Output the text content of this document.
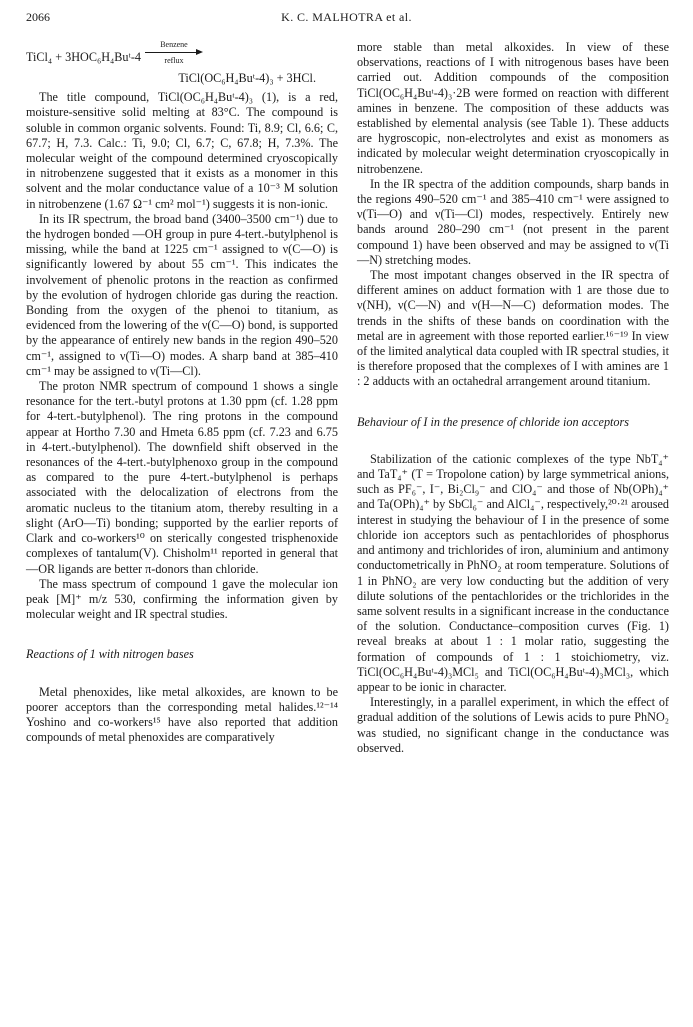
2066	K. C. MALHOTRA et al.
TiCl₄ + 3HOC₆H₄Buᵗ-4
Benzene
reflux

TiCl(OC₆H₄Buᵗ-4)₃ + 3HCl.

The title compound, TiCl(OC₆H₄Buᵗ-4)₃ (1), is a red, moisture-sensitive solid melting at 83°C. The compound is soluble in common organic solvents. Found: Ti, 8.9; Cl, 6.6; C, 67.7; H, 7.3. Calc.: Ti, 9.0; Cl, 6.7; C, 67.8; H, 7.3%. The molecular weight of the compound determined cryoscopically in nitrobenzene suggested that it exists as a monomer in this solvent and the molar conductance value of a 10⁻³ M solution in nitrobenzene (1.67 Ω⁻¹ cm² mol⁻¹) suggests it is non-ionic.

In its IR spectrum, the broad band (3400–3500 cm⁻¹) due to the hydrogen bonded —OH group in pure 4-tert.-butylphenol is missing, while the band at 1225 cm⁻¹ assigned to ν(C—O) is significantly lowered by about 55 cm⁻¹. This indicates the involvement of phenolic protons in the reaction as confirmed by the evolution of hydrogen chloride gas during the reaction. Bonding from the oxygen of the phenoi to titanium, as evidenced from the lowering of the ν(C—O) bond, is supported by the appearance of entirely new bands in the region 490–520 cm⁻¹, assigned to ν(Ti—O) modes. A sharp band at 385–410 cm⁻¹ may be assigned to ν(Ti—Cl).

The proton NMR spectrum of compound 1 shows a single resonance for the tert.-butyl protons at 1.30 ppm (cf. 1.28 ppm for 4-tert.-butylphenol). The ring protons in the compound appear at Hortho 7.30 and Hmeta 6.85 ppm (cf. 7.23 and 6.75 in 4-tert.-butylphenol). The downfield shift observed in the resonances of the 4-tert.-butylphenoxo group in the compound as compared to the pure 4-tert.-butylphenol is perhaps associated with the delocalization of electrons from the aromatic nucleus to the titanium atom, thereby resulting in a slight (ArO—Ti) bonding; supported by the earlier reports of Clark and co-workers¹⁰ on sterically congested trisphenoxide complexes of tantalum(V). Chisholm¹¹ reported in general that —OR ligands are better π-donors than chloride.

The mass spectrum of compound 1 gave the molecular ion peak [M]⁺ m/z 530, confirming the information given by molecular weight and IR spectral studies.

Reactions of 1 with nitrogen bases

Metal phenoxides, like metal alkoxides, are known to be poorer acceptors than the corresponding metal halides.¹²⁻¹⁴ Yoshino and co-workers¹⁵ have also reported that addition compounds of metal phenoxides are comparatively

more stable than metal alkoxides. In view of these observations, reactions of I with nitrogenous bases have been carried out. Addition compounds of the composition TiCl(OC₆H₄Buᵗ-4)₃·2B were formed on reaction with different amines in benzene. The composition of these adducts was established by elemental analysis (see Table 1). These adducts are hygroscopic, non-electrolytes and exist as monomers as indicated by molecular weight determination cryoscopically in nitrobenzene.

In the IR spectra of the addition compounds, sharp bands in the regions 490–520 cm⁻¹ and 385–410 cm⁻¹ were assigned to ν(Ti—O) and ν(Ti—Cl) modes, respectively. Entirely new bands around 280–290 cm⁻¹ (not present in the parent compound 1) have been observed and may be assigned to ν(Ti—N) stretching modes.

The most impotant changes observed in the IR spectra of different amines on adduct formation with 1 are those due to ν(NH), ν(C—N) and ν(H—N—C) deformation modes. The trends in the shifts of these bands on coordination with the metal are in agreement with those reported earlier.¹⁶⁻¹⁹ In view of the limited analytical data coupled with IR spectral studies, it is therefore proposed that the complexes of I with amines are 1 : 2 adducts with an octahedral arrangement around titanium.

Behaviour of I in the presence of chloride ion acceptors

Stabilization of the cationic complexes of the type NbT₄⁺ and TaT₄⁺ (T = Tropolone cation) by large symmetrical anions, such as PF₆⁻, I⁻, Bi₂Cl₉⁻ and ClO₄⁻ and those of Nb(OPh)₄⁺ and Ta(OPh)₄⁺ by SbCl₆⁻ and AlCl₄⁻, respectively,²⁰·²¹ aroused interest in studying the behaviour of I in the presence of some chloride ion acceptors such as pentachlorides of phosphorus and antimony and trichlorides of iron, aluminium and antimony conductometrically in PhNO₂ at room temperature. Solutions of 1 in PhNO₂ are very low conducting but the addition of very dilute solutions of the pentachlorides or the trichlorides in the same solvent results in a significant increase in the conductance of the solution. Conductance–composition curves (Fig. 1) reveal breaks at about 1 : 1 molar ratio, suggesting the formation of compounds of 1 : 1 stoichiometry, viz. TiCl(OC₆H₄Buᵗ-4)₃MCl₅ and TiCl(OC₆H₄Buᵗ-4)₃MCl₃, which appear to be ionic in character.

Interestingly, in a parallel experiment, in which the effect of gradual addition of the solutions of Lewis acids to pure PhNO₂ was studied, no significant change in the conductance was observed.
